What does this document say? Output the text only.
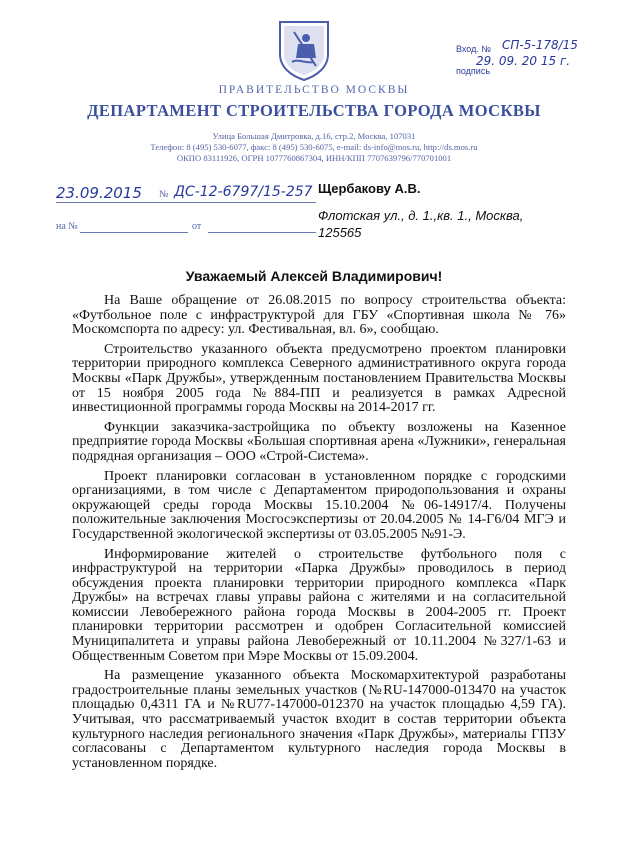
Вход. № СП-5-178/15
29. 09. 20 15 г.
подпись
ПРАВИТЕЛЬСТВО МОСКВЫ
ДЕПАРТАМЕНТ СТРОИТЕЛЬСТВА ГОРОДА МОСКВЫ
Улица Большая Дмитровка, д.16, стр.2, Москва, 107031
Телефон: 8 (495) 530-6077, факс: 8 (495) 530-6075, e-mail: ds-info@mos.ru, http://ds.mos.ru
ОКПО 83111926, ОГРН 1077760867304, ИНН/КПП 7707639796/770701001
23.09.2015 № ДС-12-6797/15-257
на №	от
Щербакову А.В.
Флотская ул., д. 1.,кв. 1., Москва, 125565
Уважаемый Алексей Владимирович!

На Ваше обращение от 26.08.2015 по вопросу строительства объекта: «Футбольное поле с инфраструктурой для ГБУ «Спортивная школа № 76» Москомспорта по адресу: ул. Фестивальная, вл. 6», сообщаю.

Строительство указанного объекта предусмотрено проектом планировки территории природного комплекса Северного административного округа города Москвы «Парк Дружбы», утвержденным постановлением Правительства Москвы от 15 ноября 2005 года №884-ПП и реализуется в рамках Адресной инвестиционной программы города Москвы на 2014-2017 гг.

Функции заказчика-застройщика по объекту возложены на Казенное предприятие города Москвы «Большая спортивная арена «Лужники», генеральная подрядная организация – ООО «Строй-Система».

Проект планировки согласован в установленном порядке с городскими организациями, в том числе с Департаментом природопользования и охраны окружающей среды города Москвы 15.10.2004 №06-14917/4. Получены положительные заключения Мосгосэкспертизы от 20.04.2005 № 14-Г6/04 МГЭ и Государственной экологической экспертизы от 03.05.2005 №91-Э.

Информирование жителей о строительстве футбольного поля с инфраструктурой на территории «Парка Дружбы» проводилось в период обсуждения проекта планировки территории природного комплекса «Парк Дружбы» на встречах главы управы района с жителями и на согласительной комиссии Левобережного района города Москвы в 2004-2005 гг. Проект планировки территории рассмотрен и одобрен Согласительной комиссией Муниципалитета и управы района Левобережный от 10.11.2004 №327/1-63 и Общественным Советом при Мэре Москвы от 15.09.2004.

На размещение указанного объекта Москомархитектурой разработаны градостроительные планы земельных участков (№RU-147000-013470 на участок площадью 0,4311 ГА и №RU77-147000-012370 на участок площадью 4,59 ГА). Учитывая, что рассматриваемый участок входит в состав территории объекта культурного наследия регионального значения «Парк Дружбы», материалы ГПЗУ согласованы с Департаментом культурного наследия города Москвы в установленном порядке.
